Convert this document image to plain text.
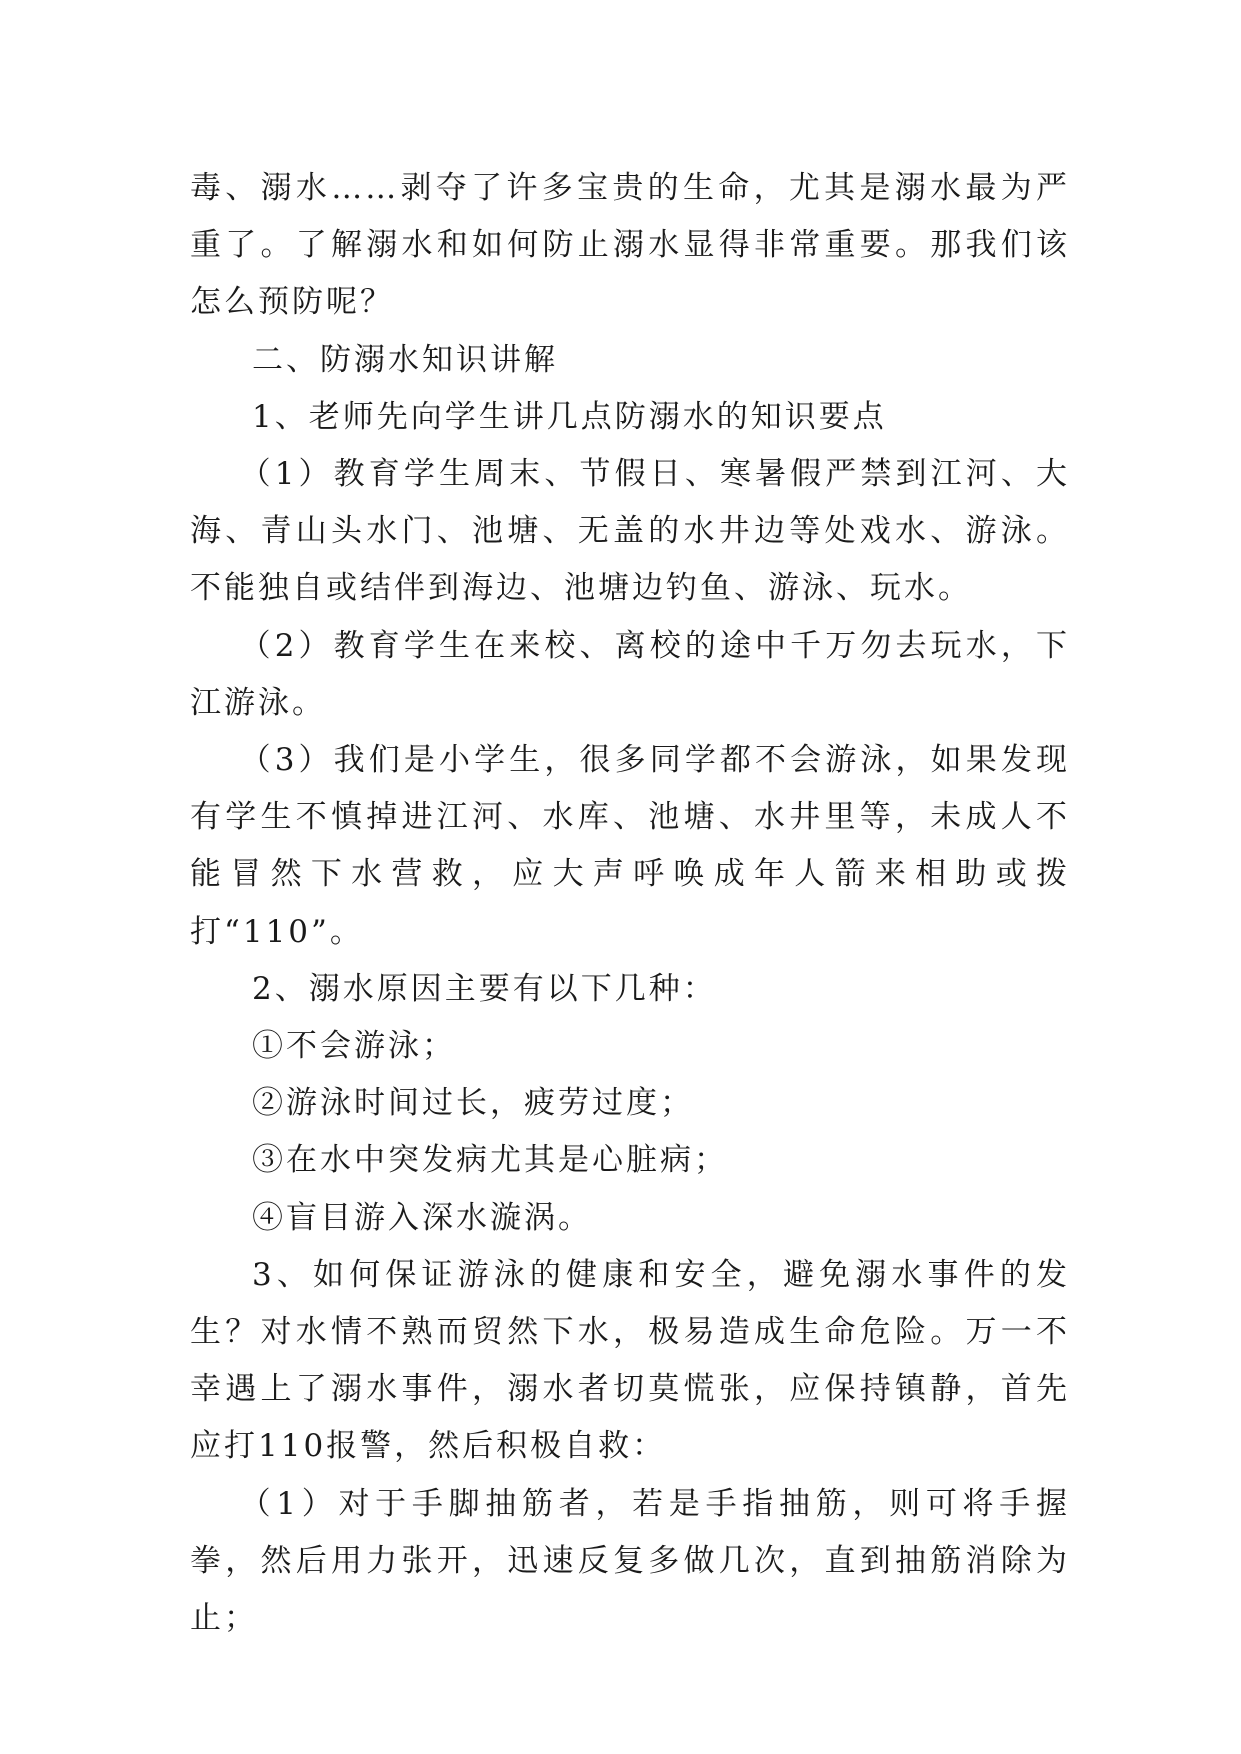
毒、溺水……剥夺了许多宝贵的生命，尤其是溺水最为严重了。了解溺水和如何防止溺水显得非常重要。那我们该怎么预防呢？

二、防溺水知识讲解

1、老师先向学生讲几点防溺水的知识要点

（1）教育学生周末、节假日、寒暑假严禁到江河、大海、青山头水门、池塘、无盖的水井边等处戏水、游泳。不能独自或结伴到海边、池塘边钓鱼、游泳、玩水。

（2）教育学生在来校、离校的途中千万勿去玩水，下江游泳。

（3）我们是小学生，很多同学都不会游泳，如果发现有学生不慎掉进江河、水库、池塘、水井里等，未成人不能冒然下水营救，应大声呼唤成年人箭来相助或拨打“110”。

2、溺水原因主要有以下几种：

①不会游泳；

②游泳时间过长，疲劳过度；

③在水中突发病尤其是心脏病；

④盲目游入深水漩涡。

3、如何保证游泳的健康和安全，避免溺水事件的发生？对水情不熟而贸然下水，极易造成生命危险。万一不幸遇上了溺水事件，溺水者切莫慌张，应保持镇静，首先应打110报警，然后积极自救：

（1）对于手脚抽筋者，若是手指抽筋，则可将手握拳，然后用力张开，迅速反复多做几次，直到抽筋消除为止；
